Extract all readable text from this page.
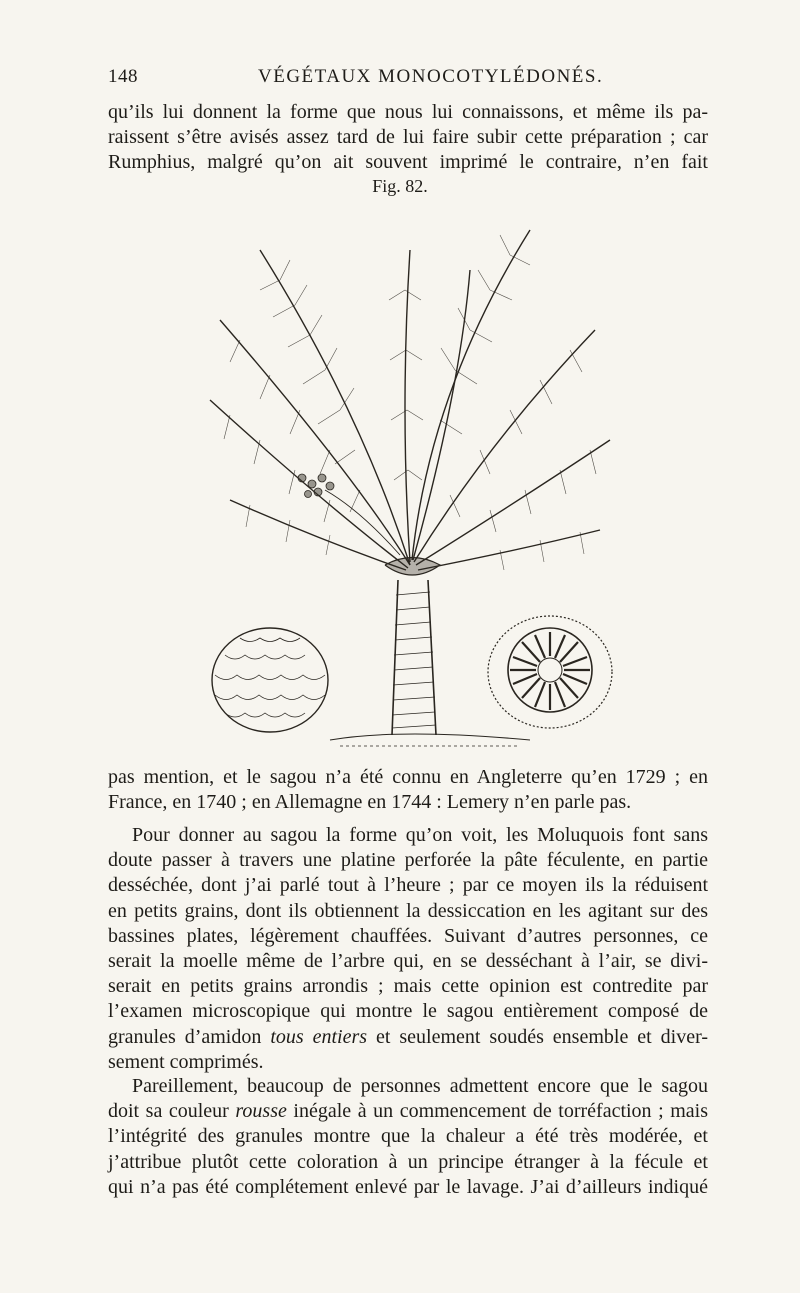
148	VÉGÉTAUX MONOCOTYLÉDONÉS.
qu’ils lui donnent la forme que nous lui connaissons, et même ils pa-
raissent s’être avisés assez tard de lui faire subir cette préparation ; car
Rumphius, malgré qu’on ait souvent imprimé le contraire, n’en fait
Fig. 82.
pas mention, et le sagou n’a été connu en Angleterre qu’en 1729 ; en
France, en 1740 ; en Allemagne en 1744 : Lemery n’en parle pas.
Pour donner au sagou la forme qu’on voit, les Moluquois font sans
doute passer à travers une platine perforée la pâte féculente, en partie
desséchée, dont j’ai parlé tout à l’heure ; par ce moyen ils la réduisent
en petits grains, dont ils obtiennent la dessiccation en les agitant sur des
bassines plates, légèrement chauffées. Suivant d’autres personnes, ce
serait la moelle même de l’arbre qui, en se desséchant à l’air, se divi-
serait en petits grains arrondis ; mais cette opinion est contredite par
l’examen microscopique qui montre le sagou entièrement composé de
granules d’amidon tous entiers et seulement soudés ensemble et diver-
sement comprimés.
Pareillement, beaucoup de personnes admettent encore que le sagou
doit sa couleur rousse inégale à un commencement de torréfaction ; mais
l’intégrité des granules montre que la chaleur a été très modérée, et
j’attribue plutôt cette coloration à un principe étranger à la fécule et
qui n’a pas été complétement enlevé par le lavage. J’ai d’ailleurs indiqué
